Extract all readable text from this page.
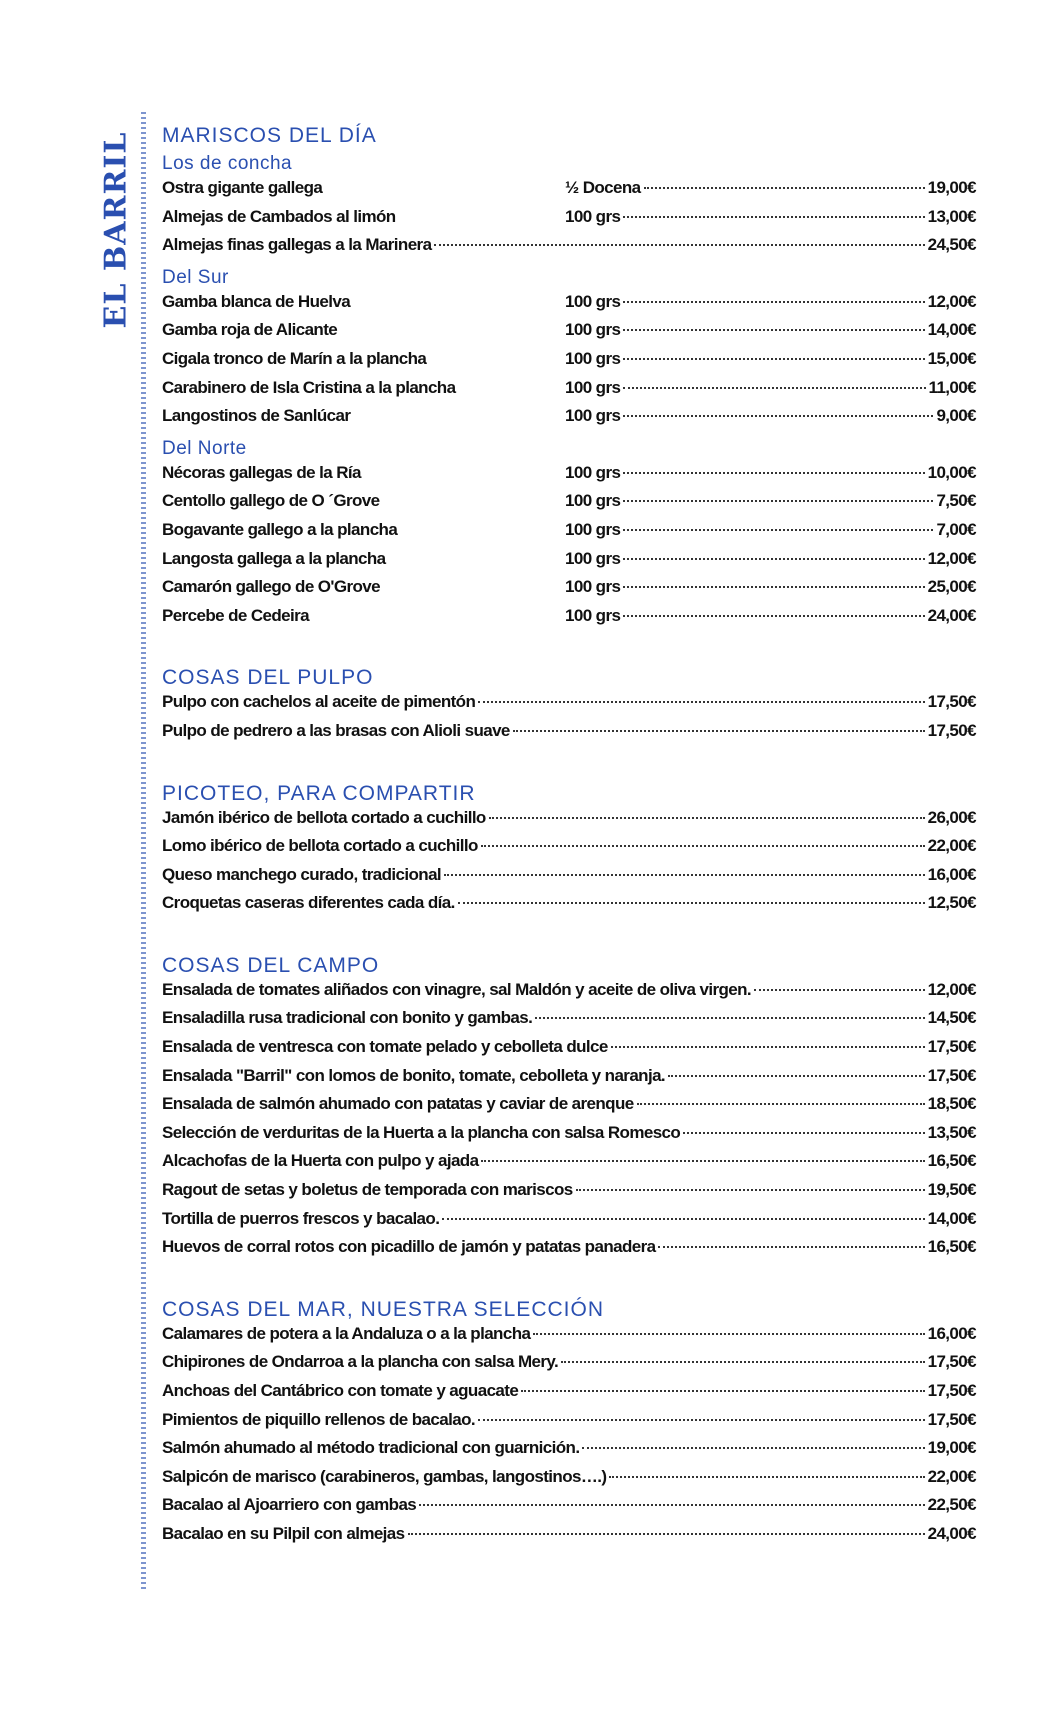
EL BARRIL MARISCOS DEL DÍA
Los de concha
Ostra gigante gallega	½ Docena	19,00€
Almejas de Cambados al limón	100 grs	13,00€
Almejas finas gallegas a la Marinera	24,50€
Del Sur
Gamba blanca de Huelva	100 grs	12,00€
Gamba roja de Alicante	100 grs	14,00€
Cigala tronco de Marín a la plancha	100 grs	15,00€
Carabinero de Isla Cristina a la plancha	100 grs	11,00€
Langostinos de Sanlúcar	100 grs	9,00€
Del Norte
Nécoras gallegas de la Ría	100 grs	10,00€
Centollo gallego de O ´Grove	100 grs	7,50€
Bogavante gallego a la plancha	100 grs	7,00€
Langosta gallega a la plancha	100 grs	12,00€
Camarón gallego de O'Grove	100 grs	25,00€
Percebe de Cedeira	100 grs	24,00€
COSAS DEL PULPO
Pulpo con cachelos al aceite de pimentón	17,50€
Pulpo de pedrero a las brasas con Alioli suave	17,50€
PICOTEO, PARA COMPARTIR
Jamón ibérico de bellota cortado a cuchillo	26,00€
Lomo ibérico de bellota cortado a cuchillo	22,00€
Queso manchego curado, tradicional	16,00€
Croquetas caseras diferentes cada día.	12,50€
COSAS DEL CAMPO
Ensalada de tomates aliñados con vinagre, sal Maldón y aceite de oliva virgen.	12,00€
Ensaladilla rusa tradicional con bonito y gambas.	14,50€
Ensalada de ventresca con tomate pelado y cebolleta dulce	17,50€
Ensalada "Barril" con lomos de bonito, tomate, cebolleta y naranja.	17,50€
Ensalada de salmón ahumado con patatas y caviar de arenque	18,50€
Selección de verduritas de la Huerta a la plancha con salsa Romesco	13,50€
Alcachofas de la Huerta con pulpo y ajada	16,50€
Ragout de setas y boletus de temporada con mariscos	19,50€
Tortilla de puerros frescos y bacalao.	14,00€
Huevos de corral rotos con picadillo de jamón y patatas panadera	16,50€
COSAS DEL MAR, NUESTRA SELECCIÓN
Calamares de potera a la Andaluza o a la plancha	16,00€
Chipirones de Ondarroa a la plancha con salsa Mery.	17,50€
Anchoas del Cantábrico con tomate y aguacate	17,50€
Pimientos de piquillo rellenos de bacalao.	17,50€
Salmón ahumado al método tradicional con guarnición.	19,00€
Salpicón de marisco (carabineros, gambas, langostinos….)	22,00€
Bacalao al Ajoarriero con gambas	22,50€
Bacalao en su Pilpil con almejas	24,00€
